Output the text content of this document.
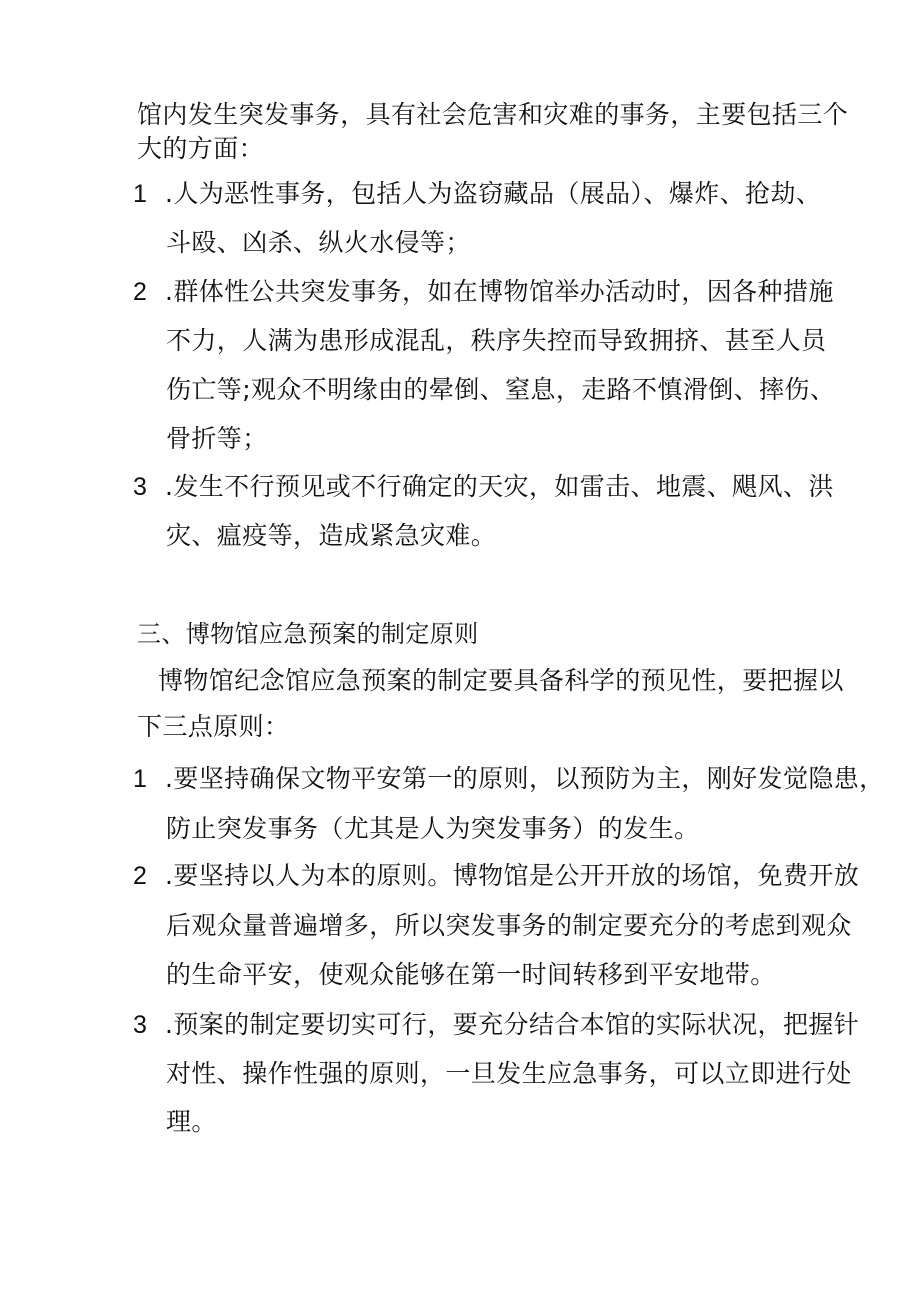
馆内发生突发事务，具有社会危害和灾难的事务，主要包括三个
大的方面：
1 .人为恶性事务，包括人为盗窃藏品（展品）、爆炸、抢劫、
斗殴、凶杀、纵火水侵等；
2 .群体性公共突发事务，如在博物馆举办活动时，因各种措施
不力，人满为患形成混乱，秩序失控而导致拥挤、甚至人员
伤亡等;观众不明缘由的晕倒、窒息，走路不慎滑倒、摔伤、
骨折等；
3 .发生不行预见或不行确定的天灾，如雷击、地震、飓风、洪
灾、瘟疫等，造成紧急灾难。
三、博物馆应急预案的制定原则
博物馆纪念馆应急预案的制定要具备科学的预见性，要把握以
下三点原则：
1 .要坚持确保文物平安第一的原则，以预防为主，刚好发觉隐患，
防止突发事务（尤其是人为突发事务）的发生。
2 .要坚持以人为本的原则。博物馆是公开开放的场馆，免费开放
后观众量普遍增多，所以突发事务的制定要充分的考虑到观众
的生命平安，使观众能够在第一时间转移到平安地带。
3 .预案的制定要切实可行，要充分结合本馆的实际状况，把握针
对性、操作性强的原则，一旦发生应急事务，可以立即进行处
理。
